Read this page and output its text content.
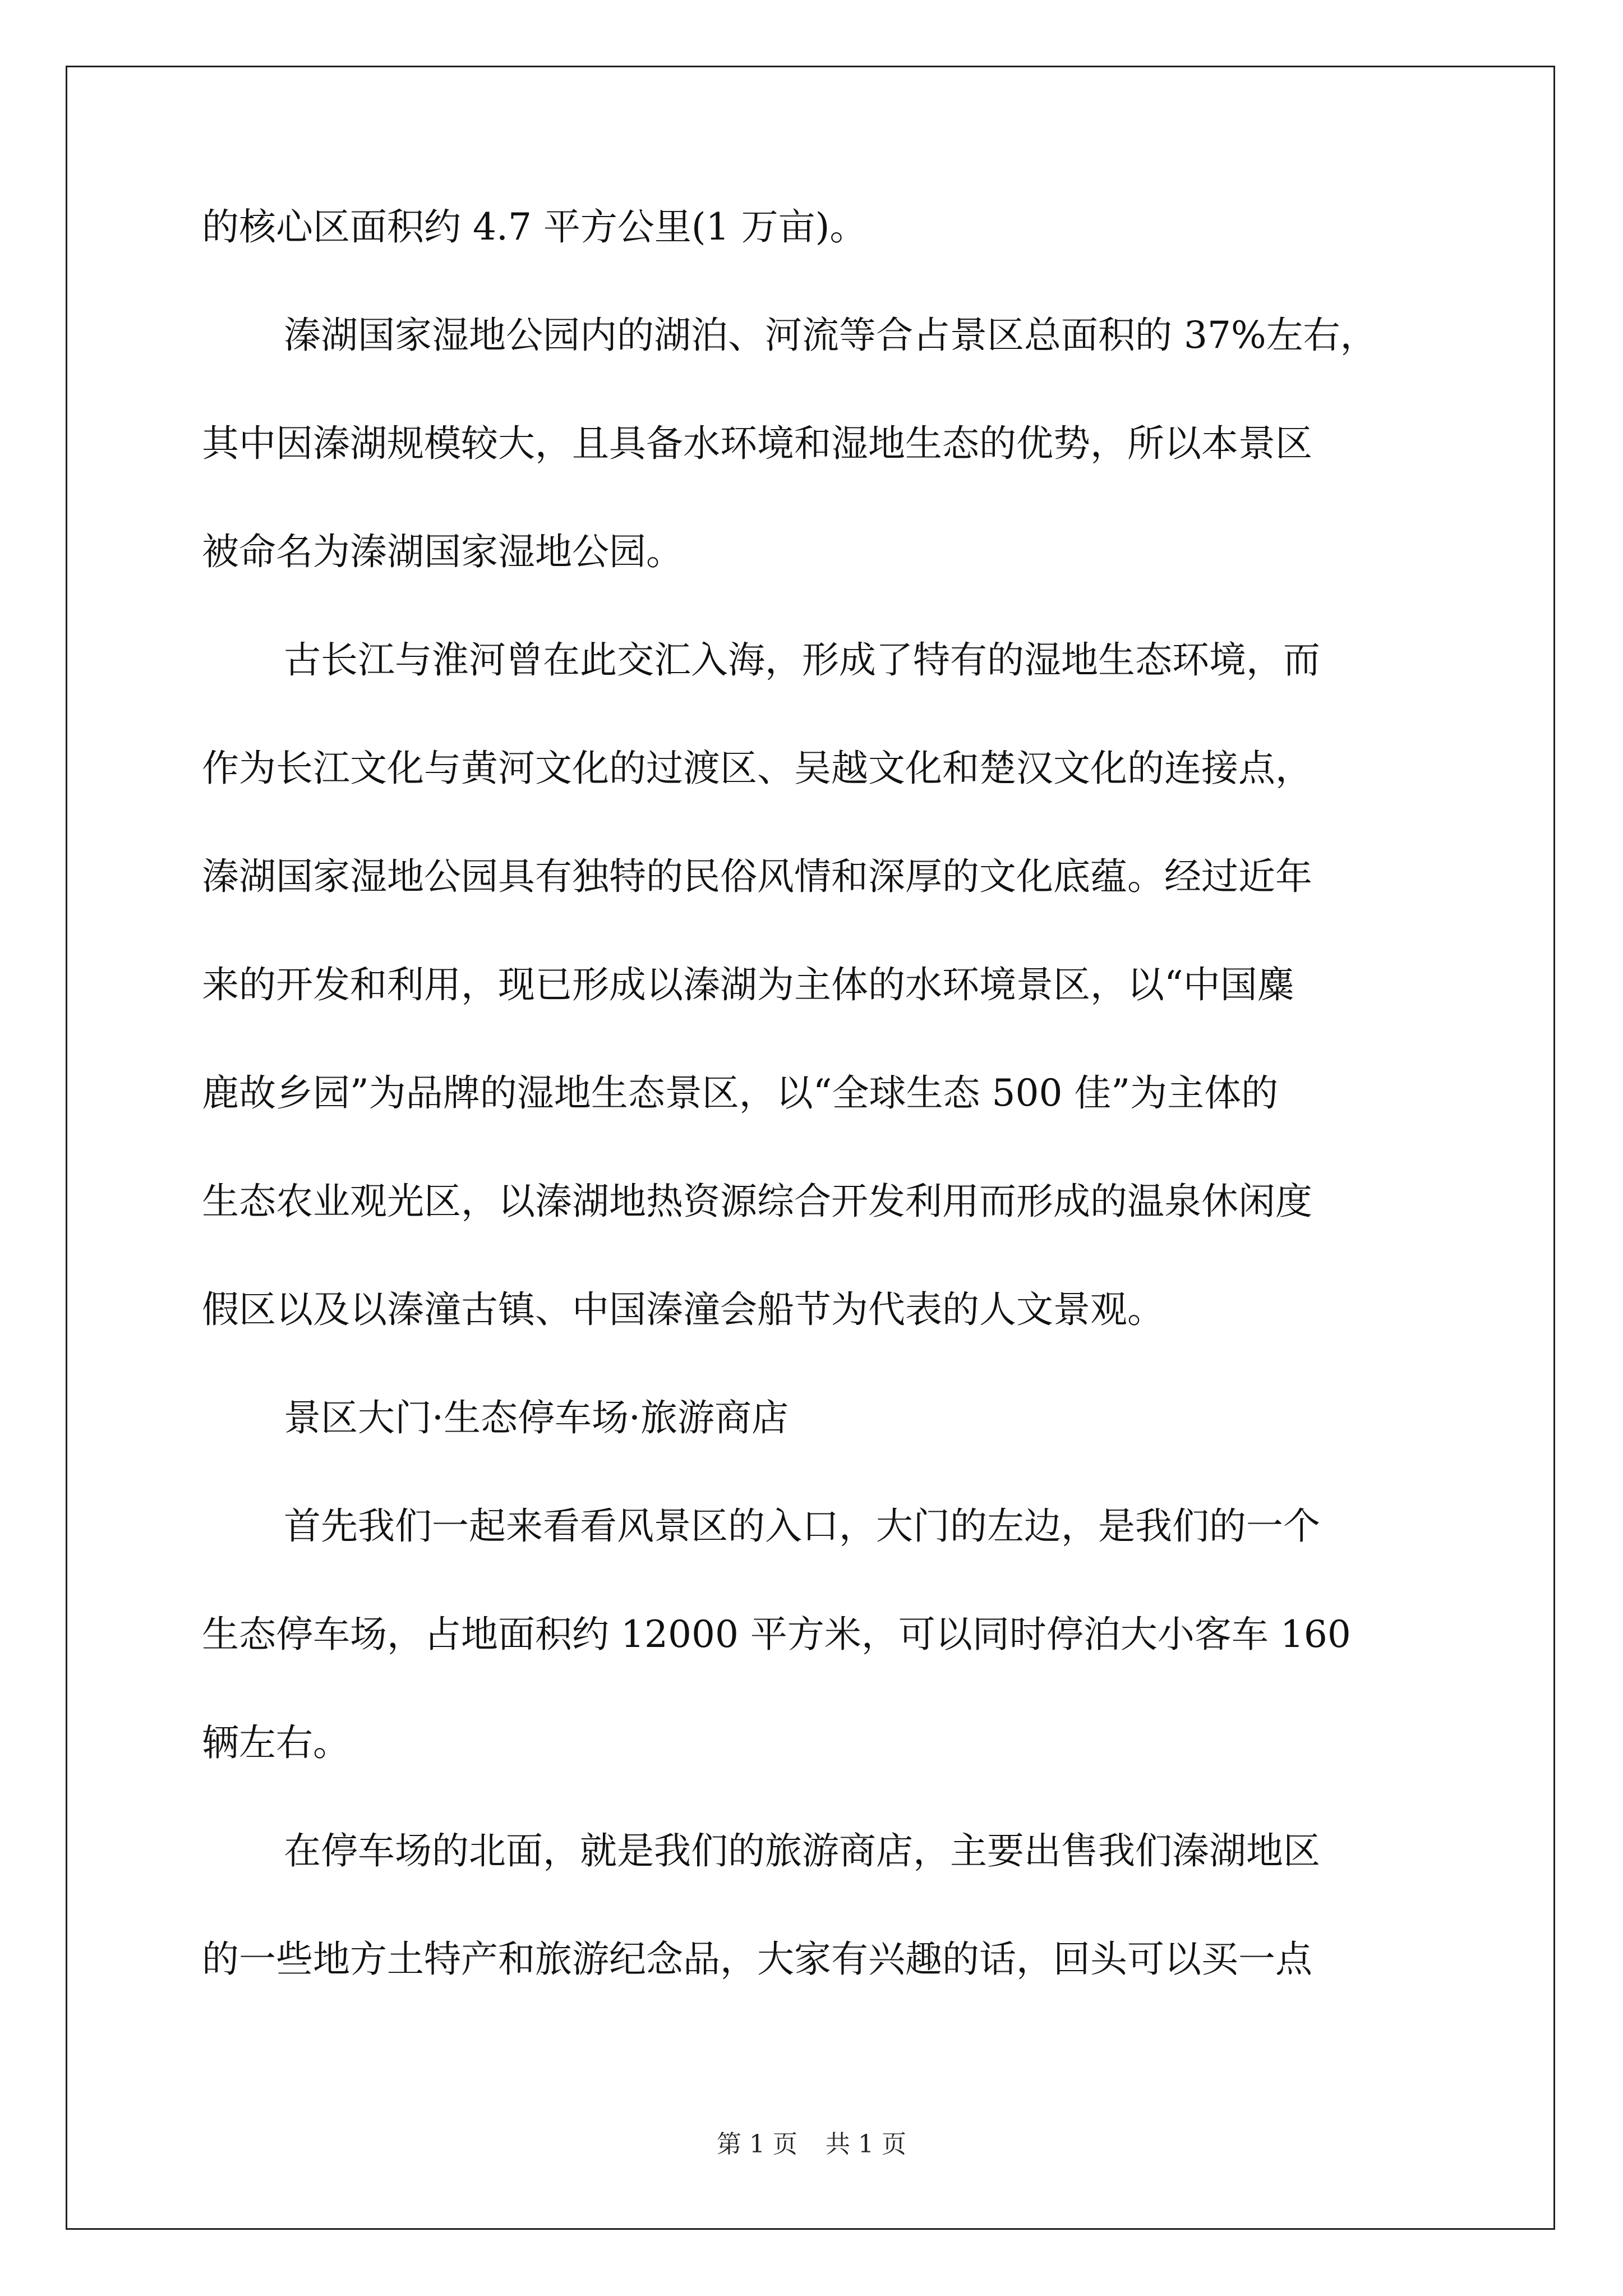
的核心区面积约 4.7 平方公里(1 万亩)。
溱湖国家湿地公园内的湖泊、河流等合占景区总面积的 37%左右，
其中因溱湖规模较大，且具备水环境和湿地生态的优势，所以本景区
被命名为溱湖国家湿地公园。
古长江与淮河曾在此交汇入海，形成了特有的湿地生态环境，而
作为长江文化与黄河文化的过渡区、吴越文化和楚汉文化的连接点，
溱湖国家湿地公园具有独特的民俗风情和深厚的文化底蕴。经过近年
来的开发和利用，现已形成以溱湖为主体的水环境景区，以“中国麋
鹿故乡园”为品牌的湿地生态景区，以“全球生态 500 佳”为主体的
生态农业观光区，以溱湖地热资源综合开发利用而形成的温泉休闲度
假区以及以溱潼古镇、中国溱潼会船节为代表的人文景观。
景区大门·生态停车场·旅游商店
首先我们一起来看看风景区的入口，大门的左边，是我们的一个
生态停车场，占地面积约 12000 平方米，可以同时停泊大小客车 160
辆左右。
在停车场的北面，就是我们的旅游商店，主要出售我们溱湖地区
的一些地方土特产和旅游纪念品，大家有兴趣的话，回头可以买一点
第 1 页 共 1 页
